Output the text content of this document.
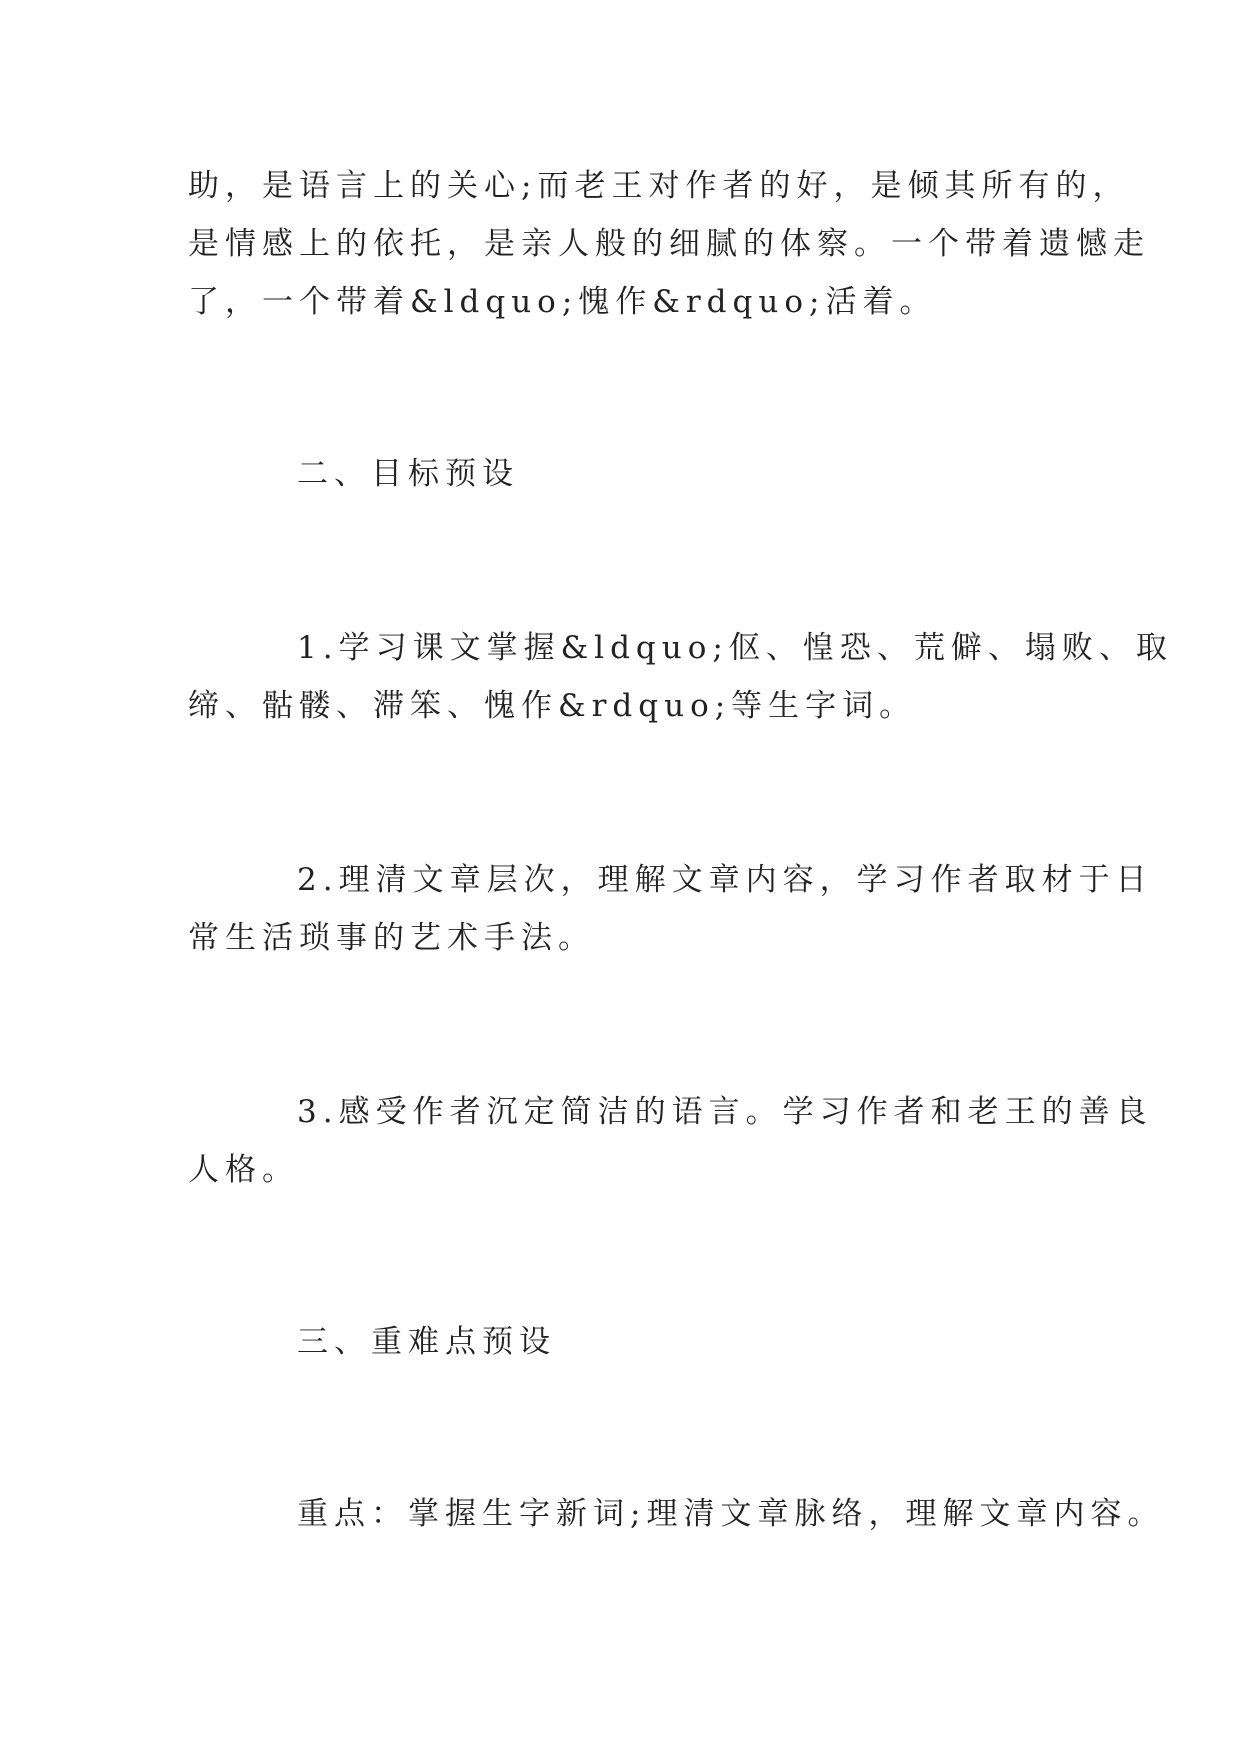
助，是语言上的关心;而老王对作者的好，是倾其所有的，
是情感上的依托，是亲人般的细腻的体察。一个带着遗憾走
了，一个带着&ldquo;愧作&rdquo;活着。
二、目标预设
1.学习课文掌握&ldquo;伛、惶恐、荒僻、塌败、取
缔、骷髅、滞笨、愧作&rdquo;等生字词。
2.理清文章层次，理解文章内容，学习作者取材于日
常生活琐事的艺术手法。
3.感受作者沉定简洁的语言。学习作者和老王的善良
人格。
三、重难点预设
重点：掌握生字新词;理清文章脉络，理解文章内容。
